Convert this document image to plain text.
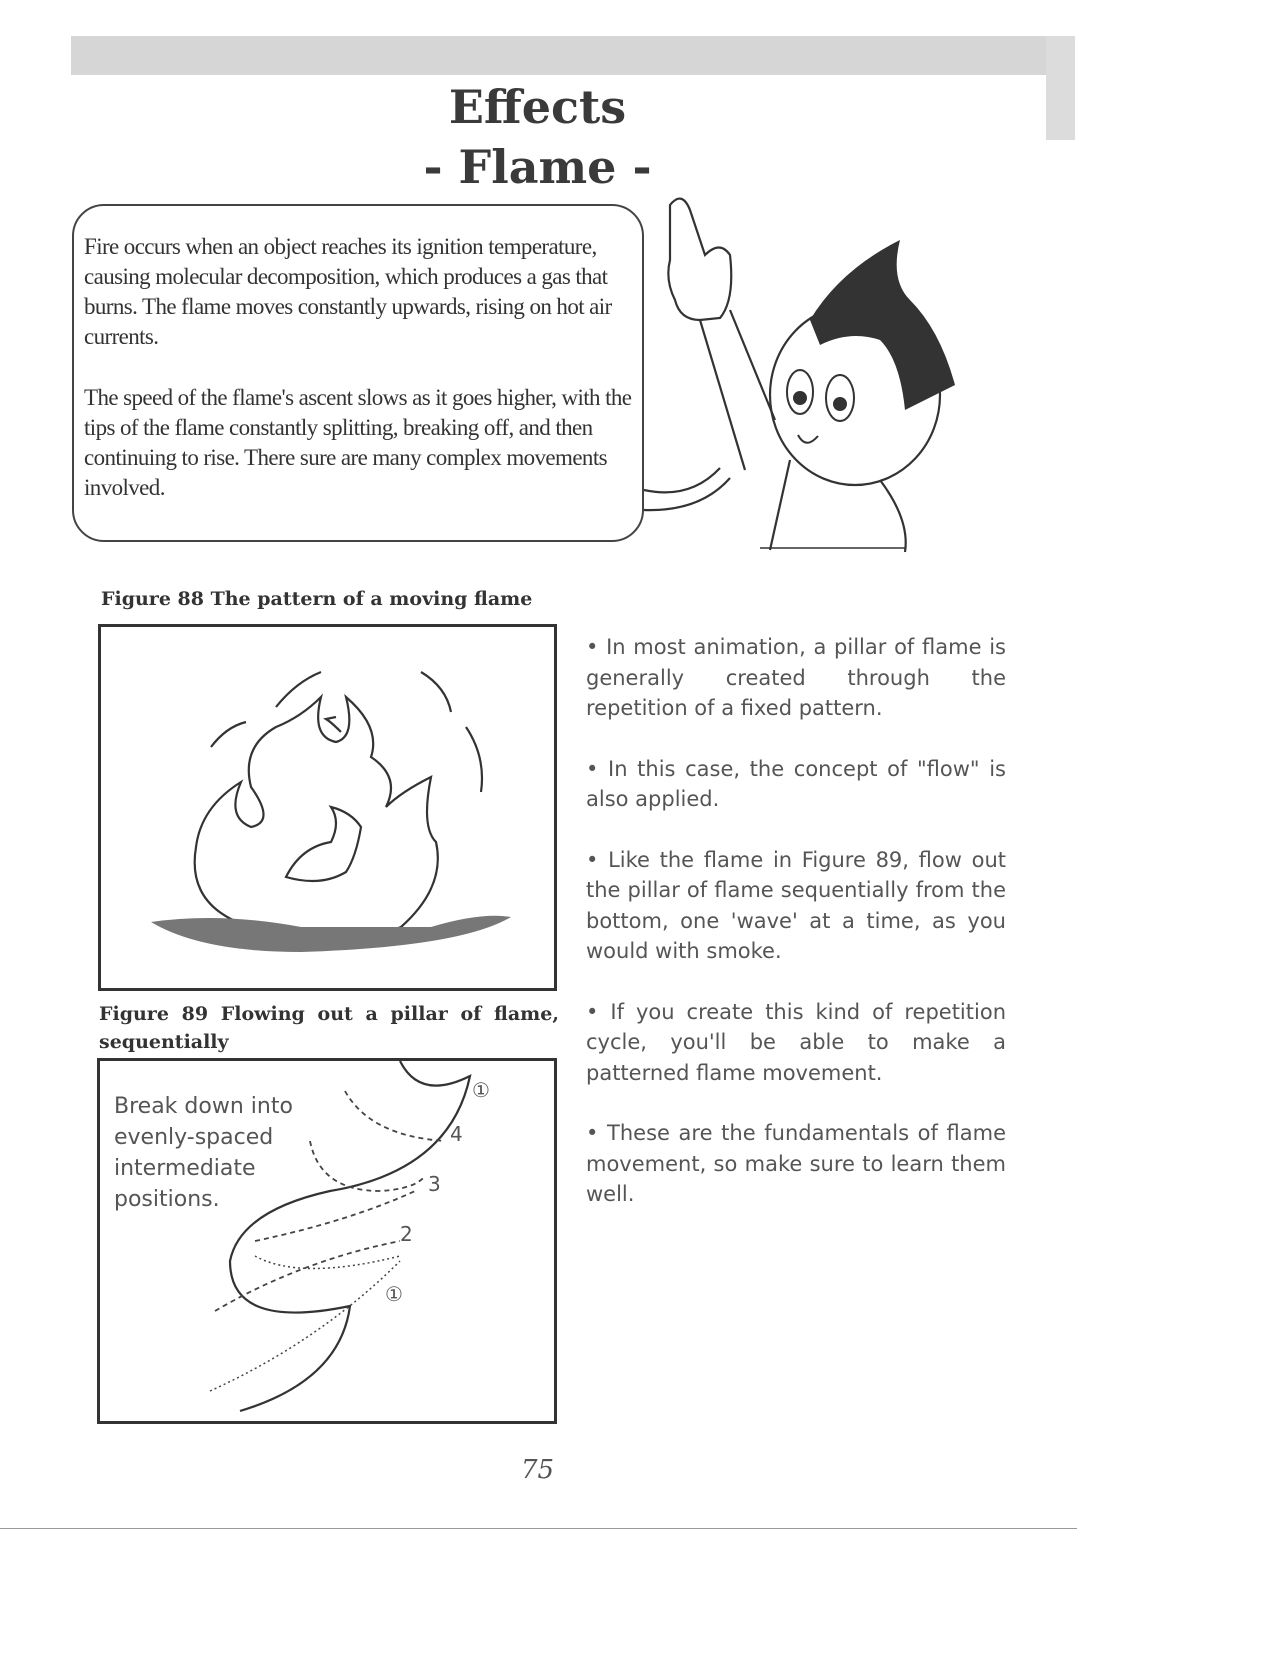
Effects
- Flame -
Fire occurs when an object reaches its ignition temperature, causing molecular decomposition, which produces a gas that burns. The flame moves constantly upwards, rising on hot air currents.
The speed of the flame's ascent slows as it goes higher, with the tips of the flame constantly splitting, breaking off, and then continuing to rise. There sure are many complex movements involved.
Figure 88 The pattern of a moving flame
Figure 89 Flowing out a pillar of flame, sequentially
①
4
3
2
①
Break down into evenly-spaced intermediate positions.

• In most animation, a pillar of flame is generally created through the repetition of a fixed pattern.

• In this case, the concept of "flow" is also applied.

• Like the flame in Figure 89, flow out the pillar of flame sequentially from the bottom, one 'wave' at a time, as you would with smoke.

• If you create this kind of repetition cycle, you'll be able to make a patterned flame movement.

• These are the fundamentals of flame movement, so make sure to learn them well.

75
